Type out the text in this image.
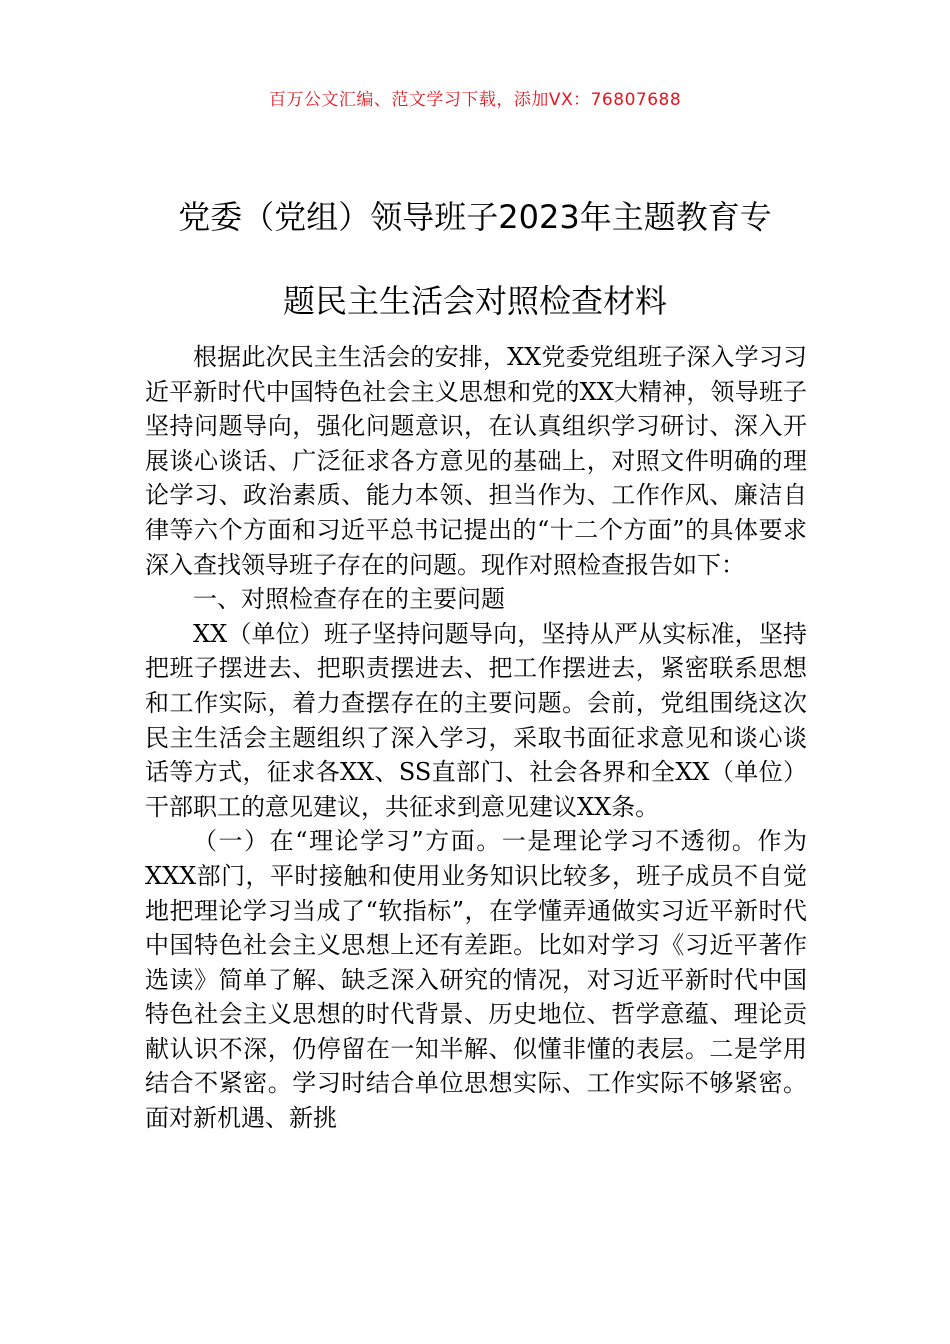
百万公文汇编、范文学习下载，添加VX：76807688
党委（党组）领导班子2023年主题教育专
题民主生活会对照检查材料

根据此次民主生活会的安排，XX党委党组班子深入学习习近平新时代中国特色社会主义思想和党的XX大精神，领导班子坚持问题导向，强化问题意识，在认真组织学习研讨、深入开展谈心谈话、广泛征求各方意见的基础上，对照文件明确的理论学习、政治素质、能力本领、担当作为、工作作风、廉洁自律等六个方面和习近平总书记提出的“十二个方面”的具体要求深入查找领导班子存在的问题。现作对照检查报告如下：

一、对照检查存在的主要问题

XX（单位）班子坚持问题导向，坚持从严从实标准，坚持把班子摆进去、把职责摆进去、把工作摆进去，紧密联系思想和工作实际，着力查摆存在的主要问题。会前，党组围绕这次民主生活会主题组织了深入学习，采取书面征求意见和谈心谈话等方式，征求各XX、SS直部门、社会各界和全XX（单位）干部职工的意见建议，共征求到意见建议XX条。

（一）在“理论学习”方面。一是理论学习不透彻。作为XXX部门，平时接触和使用业务知识比较多，班子成员不自觉地把理论学习当成了“软指标”，在学懂弄通做实习近平新时代中国特色社会主义思想上还有差距。比如对学习《习近平著作选读》简单了解、缺乏深入研究的情况，对习近平新时代中国特色社会主义思想的时代背景、历史地位、哲学意蕴、理论贡献认识不深，仍停留在一知半解、似懂非懂的表层。二是学用结合不紧密。学习时结合单位思想实际、工作实际不够紧密。面对新机遇、新挑
